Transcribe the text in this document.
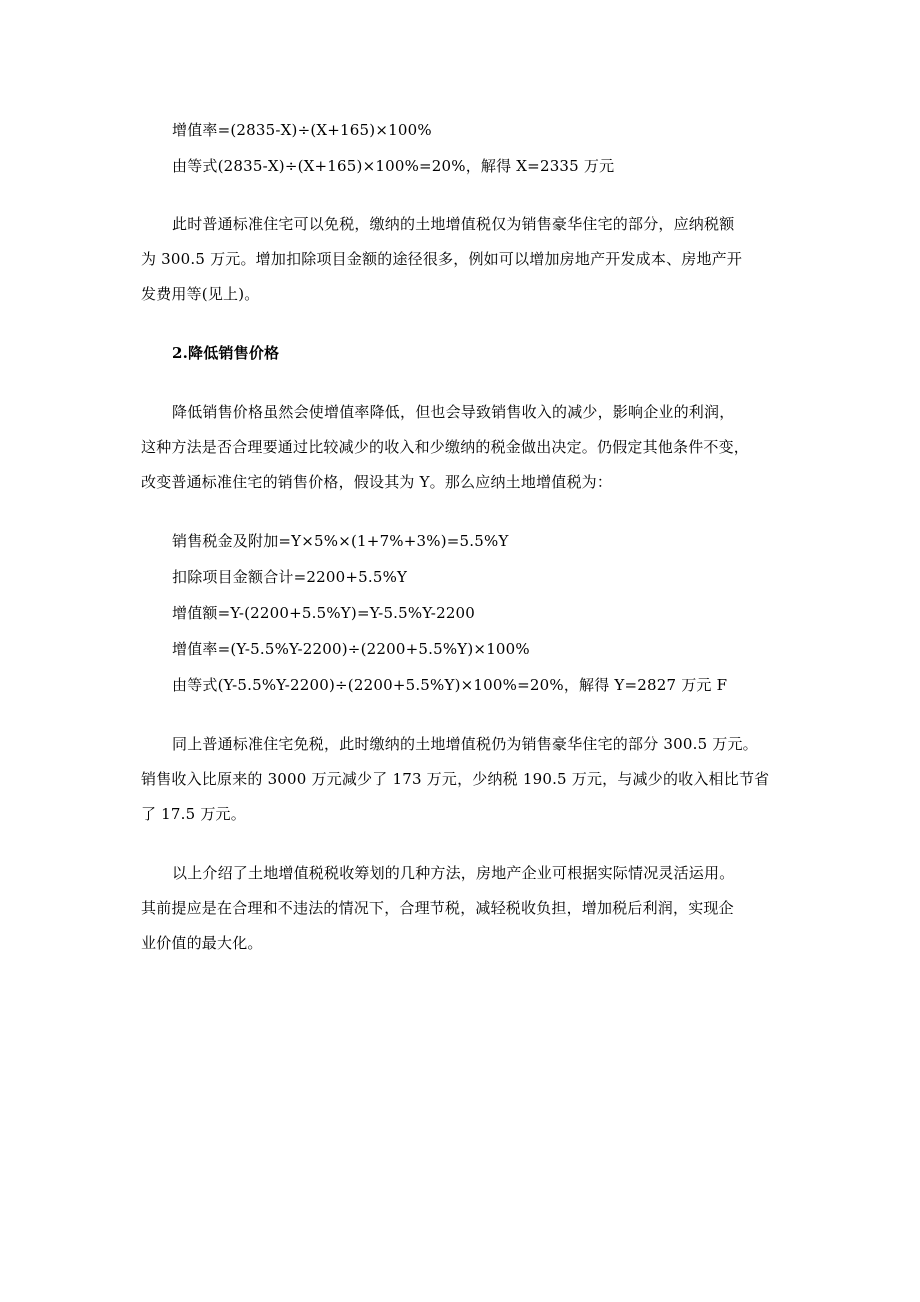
增值率=(2835-X)÷(X+165)×100%
由等式(2835-X)÷(X+165)×100%=20%，解得 X=2335 万元
此时普通标准住宅可以免税，缴纳的土地增值税仅为销售豪华住宅的部分，应纳税额
为 300.5 万元。增加扣除项目金额的途径很多，例如可以增加房地产开发成本、房地产开
发费用等(见上)。
2.降低销售价格
降低销售价格虽然会使增值率降低，但也会导致销售收入的减少，影响企业的利润，
这种方法是否合理要通过比较减少的收入和少缴纳的税金做出决定。仍假定其他条件不变，
改变普通标准住宅的销售价格，假设其为 Y。那么应纳土地增值税为：
销售税金及附加=Y×5%×(1+7%+3%)=5.5%Y
扣除项目金额合计=2200+5.5%Y
增值额=Y-(2200+5.5%Y)=Y-5.5%Y-2200
增值率=(Y-5.5%Y-2200)÷(2200+5.5%Y)×100%
由等式(Y-5.5%Y-2200)÷(2200+5.5%Y)×100%=20%，解得 Y=2827 万元 F
同上普通标准住宅免税，此时缴纳的土地增值税仍为销售豪华住宅的部分 300.5 万元。
销售收入比原来的 3000 万元减少了 173 万元，少纳税 190.5 万元，与减少的收入相比节省
了 17.5 万元。
以上介绍了土地增值税税收筹划的几种方法，房地产企业可根据实际情况灵活运用。
其前提应是在合理和不违法的情况下，合理节税，减轻税收负担，增加税后利润，实现企
业价值的最大化。
